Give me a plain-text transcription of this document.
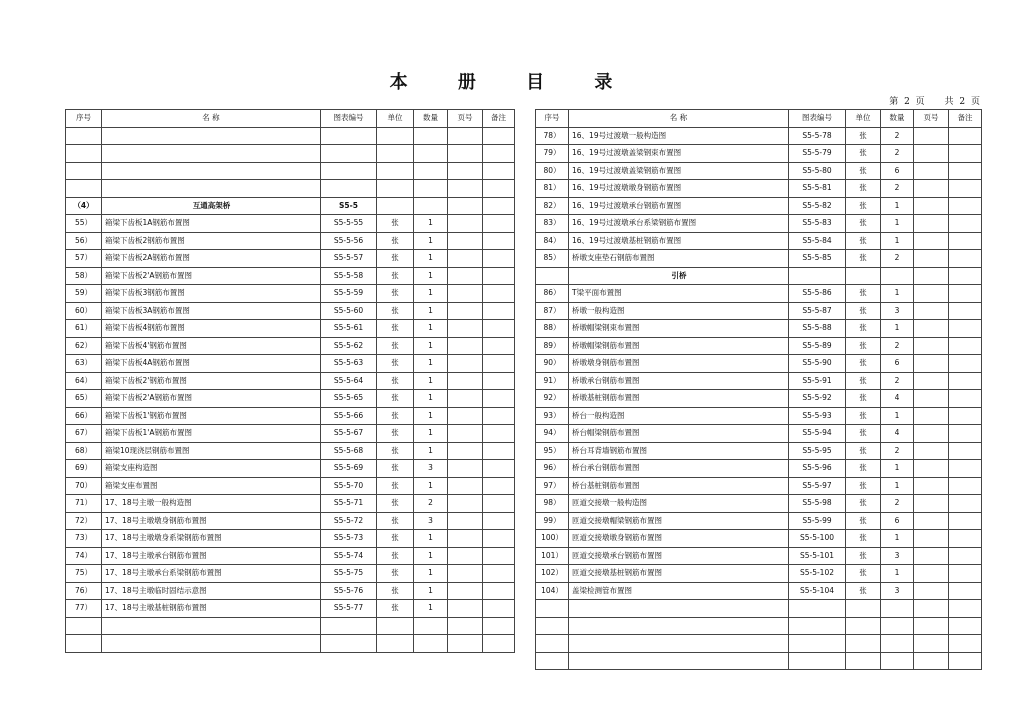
本 册 目 录
第 2 页 共 2 页
序号	名 称	图表编号	单位	数量	页号	备注

（4）	互通高架桥	S5-5				
55）	箱梁下齿板1A钢筋布置图	S5-5-55	张	1		
56）	箱梁下齿板2钢筋布置图	S5-5-56	张	1		
57）	箱梁下齿板2A钢筋布置图	S5-5-57	张	1		
58）	箱梁下齿板2'A钢筋布置图	S5-5-58	张	1		
59）	箱梁下齿板3钢筋布置图	S5-5-59	张	1		
60）	箱梁下齿板3A钢筋布置图	S5-5-60	张	1		
61）	箱梁下齿板4钢筋布置图	S5-5-61	张	1		
62）	箱梁下齿板4'钢筋布置图	S5-5-62	张	1		
63）	箱梁下齿板4A钢筋布置图	S5-5-63	张	1		
64）	箱梁下齿板2'钢筋布置图	S5-5-64	张	1		
65）	箱梁下齿板2'A钢筋布置图	S5-5-65	张	1		
66）	箱梁下齿板1'钢筋布置图	S5-5-66	张	1		
67）	箱梁下齿板1'A钢筋布置图	S5-5-67	张	1		
68）	箱梁10现浇层钢筋布置图	S5-5-68	张	1		
69）	箱梁支座构造图	S5-5-69	张	3		
70）	箱梁支座布置图	S5-5-70	张	1		
71）	17、18号主墩一般构造图	S5-5-71	张	2		
72）	17、18号主墩墩身钢筋布置图	S5-5-72	张	3		
73）	17、18号主墩墩身系梁钢筋布置图	S5-5-73	张	1		
74）	17、18号主墩承台钢筋布置图	S5-5-74	张	1		
75）	17、18号主墩承台系梁钢筋布置图	S5-5-75	张	1		
76）	17、18号主墩临时固结示意图	S5-5-76	张	1		
77）	17、18号主墩基桩钢筋布置图	S5-5-77	张	1		

序号	名 称	图表编号	单位	数量	页号	备注
78）	16、19号过渡墩一般构造图	S5-5-78	张	2		
79）	16、19号过渡墩盖梁钢束布置图	S5-5-79	张	2		
80）	16、19号过渡墩盖梁钢筋布置图	S5-5-80	张	6		
81）	16、19号过渡墩墩身钢筋布置图	S5-5-81	张	2		
82）	16、19号过渡墩承台钢筋布置图	S5-5-82	张	1		
83）	16、19号过渡墩承台系梁钢筋布置图	S5-5-83	张	1		
84）	16、19号过渡墩基桩钢筋布置图	S5-5-84	张	1		
85）	桥墩支座垫石钢筋布置图	S5-5-85	张	2		
	引桥					
86）	T梁平面布置图	S5-5-86	张	1		
87）	桥墩一般构造图	S5-5-87	张	3		
88）	桥墩帽梁钢束布置图	S5-5-88	张	1		
89）	桥墩帽梁钢筋布置图	S5-5-89	张	2		
90）	桥墩墩身钢筋布置图	S5-5-90	张	6		
91）	桥墩承台钢筋布置图	S5-5-91	张	2		
92）	桥墩基桩钢筋布置图	S5-5-92	张	4		
93）	桥台一般构造图	S5-5-93	张	1		
94）	桥台帽梁钢筋布置图	S5-5-94	张	4		
95）	桥台耳背墙钢筋布置图	S5-5-95	张	2		
96）	桥台承台钢筋布置图	S5-5-96	张	1		
97）	桥台基桩钢筋布置图	S5-5-97	张	1		
98）	匝道交接墩一般构造图	S5-5-98	张	2		
99）	匝道交接墩帽梁钢筋布置图	S5-5-99	张	6		
100）	匝道交接墩墩身钢筋布置图	S5-5-100	张	1		
101）	匝道交接墩承台钢筋布置图	S5-5-101	张	3		
102）	匝道交接墩基桩钢筋布置图	S5-5-102	张	1		
104）	盖梁检测管布置图	S5-5-104	张	3		
